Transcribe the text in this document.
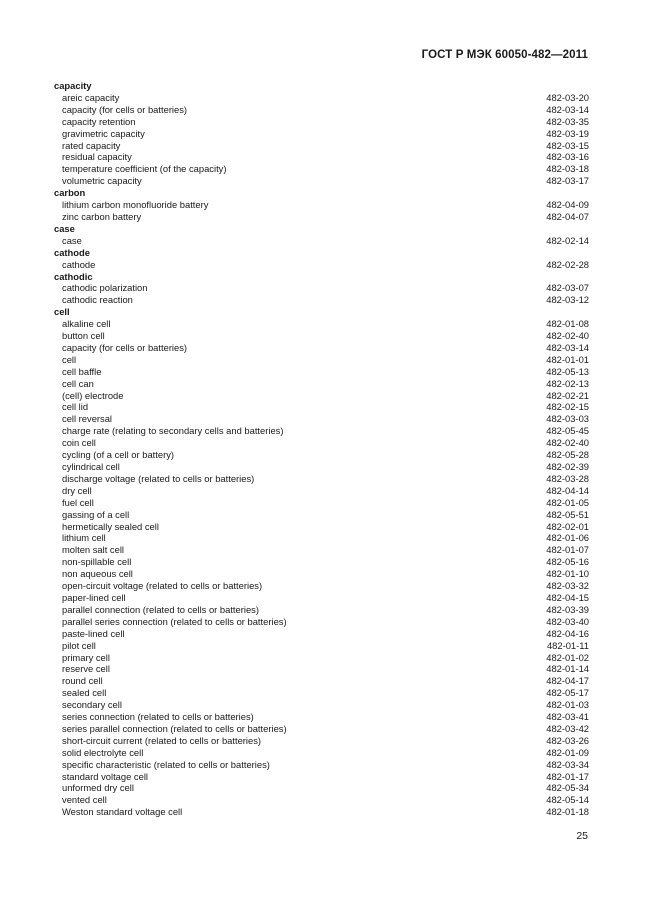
ГОСТ Р МЭК 60050-482—2011
capacity
areic capacity	482-03-20
capacity (for cells or batteries)	482-03-14
capacity retention	482-03-35
gravimetric capacity	482-03-19
rated capacity	482-03-15
residual capacity	482-03-16
temperature coefficient (of the capacity)	482-03-18
volumetric capacity	482-03-17
carbon
lithium carbon monofluoride battery	482-04-09
zinc carbon battery	482-04-07
case
case	482-02-14
cathode
cathode	482-02-28
cathodic
cathodic polarization	482-03-07
cathodic reaction	482-03-12
cell
alkaline cell	482-01-08
button cell	482-02-40
capacity (for cells or batteries)	482-03-14
cell	482-01-01
cell baffle	482-05-13
cell can	482-02-13
(cell) electrode	482-02-21
cell lid	482-02-15
cell reversal	482-03-03
charge rate (relating to secondary cells and batteries)	482-05-45
coin cell	482-02-40
cycling (of a cell or battery)	482-05-28
cylindrical cell	482-02-39
discharge voltage (related to cells or batteries)	482-03-28
dry cell	482-04-14
fuel cell	482-01-05
gassing of a cell	482-05-51
hermetically sealed cell	482-02-01
lithium cell	482-01-06
molten salt cell	482-01-07
non-spillable cell	482-05-16
non aqueous cell	482-01-10
open-circuit voltage (related to cells or batteries)	482-03-32
paper-lined cell	482-04-15
parallel connection (related to cells or batteries)	482-03-39
parallel series connection (related to cells or batteries)	482-03-40
paste-lined cell	482-04-16
pilot cell	482-01-11
primary cell	482-01-02
reserve cell	482-01-14
round cell	482-04-17
sealed cell	482-05-17
secondary cell	482-01-03
series connection (related to cells or batteries)	482-03-41
series parallel connection (related to cells or batteries)	482-03-42
short-circuit current (related to cells or batteries)	482-03-26
solid electrolyte cell	482-01-09
specific characteristic (related to cells or batteries)	482-03-34
standard voltage cell	482-01-17
unformed dry cell	482-05-34
vented cell	482-05-14
Weston standard voltage cell	482-01-18
25
